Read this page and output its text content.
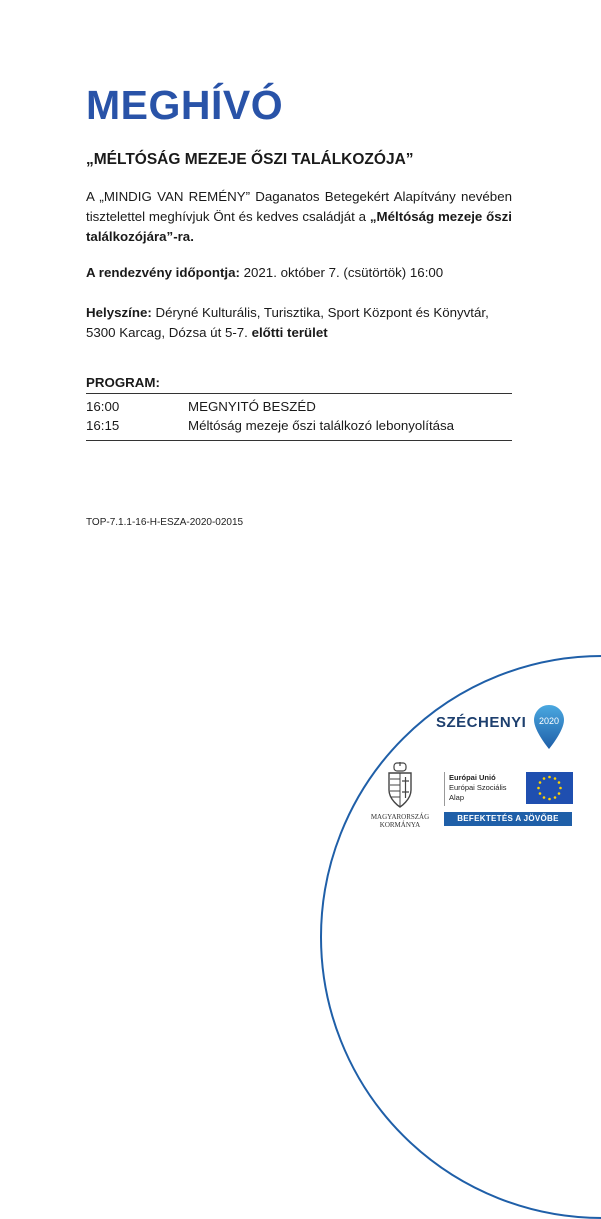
MEGHÍVÓ

„MÉLTÓSÁG MEZEJE ŐSZI TALÁLKOZÓJA”

A „MINDIG VAN REMÉNY” Daganatos Betegekért Alapítvány nevében tisztelettel meghívjuk Önt és kedves családját a „Méltóság mezeje őszi találkozójára”-ra.

A rendezvény időpontja: 2021. október 7. (csütörtök) 16:00

Helyszíne: Déryné Kulturális, Turisztika, Sport Központ és Könyvtár, 5300 Karcag, Dózsa út 5-7. előtti terület

PROGRAM:

16:00	MEGNYITÓ BESZÉD
16:15	Méltóság mezeje őszi találkozó lebonyolítása

TOP-7.1.1-16-H-ESZA-2020-02015

SZÉCHENYI 2020
MAGYARORSZÁG
KORMÁNYA
Európai Unió
Európai Szociális
Alap
BEFEKTETÉS A JÖVŐBE
